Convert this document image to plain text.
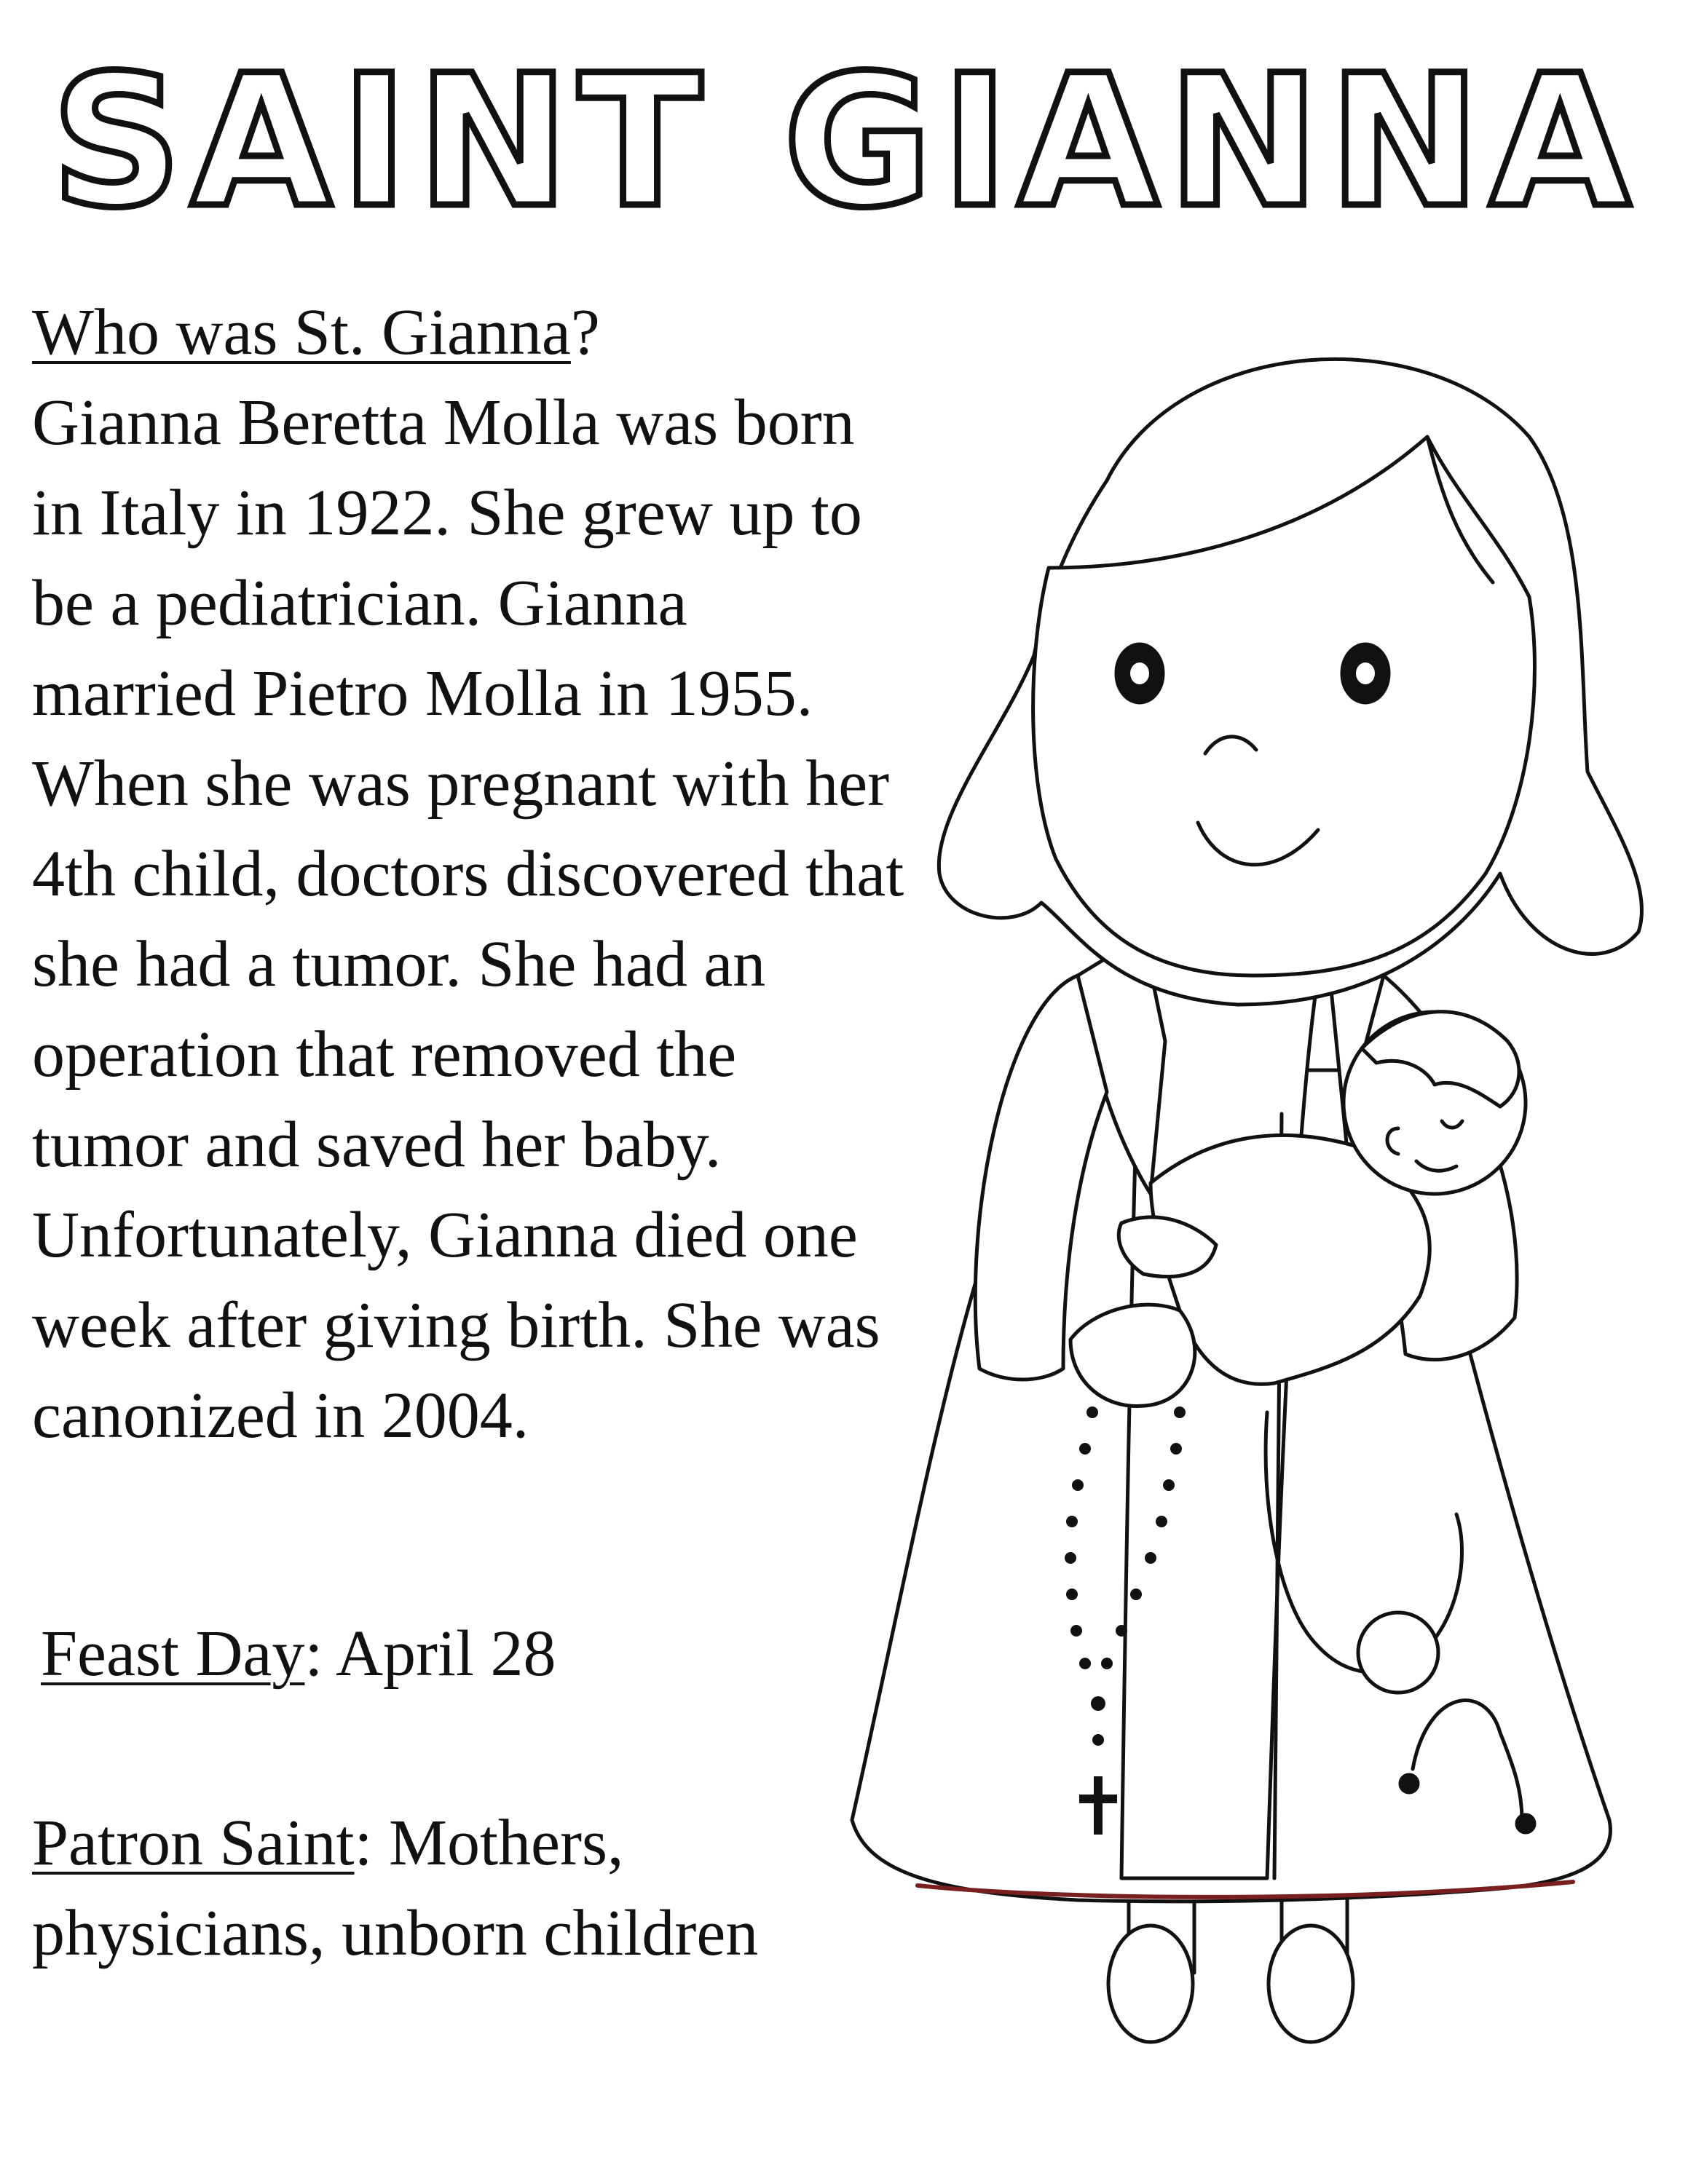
SAINT GIANNA

Who was St. Gianna?

Gianna Beretta Molla was born in Italy in 1922. She grew up to be a pediatrician. Gianna married Pietro Molla in 1955. When she was pregnant with her 4th child, doctors discovered that she had a tumor. She had an operation that removed the tumor and saved her baby. Unfortunately, Gianna died one week after giving birth. She was canonized in 2004.

Feast Day: April 28
Patron Saint: Mothers, physicians, unborn children
